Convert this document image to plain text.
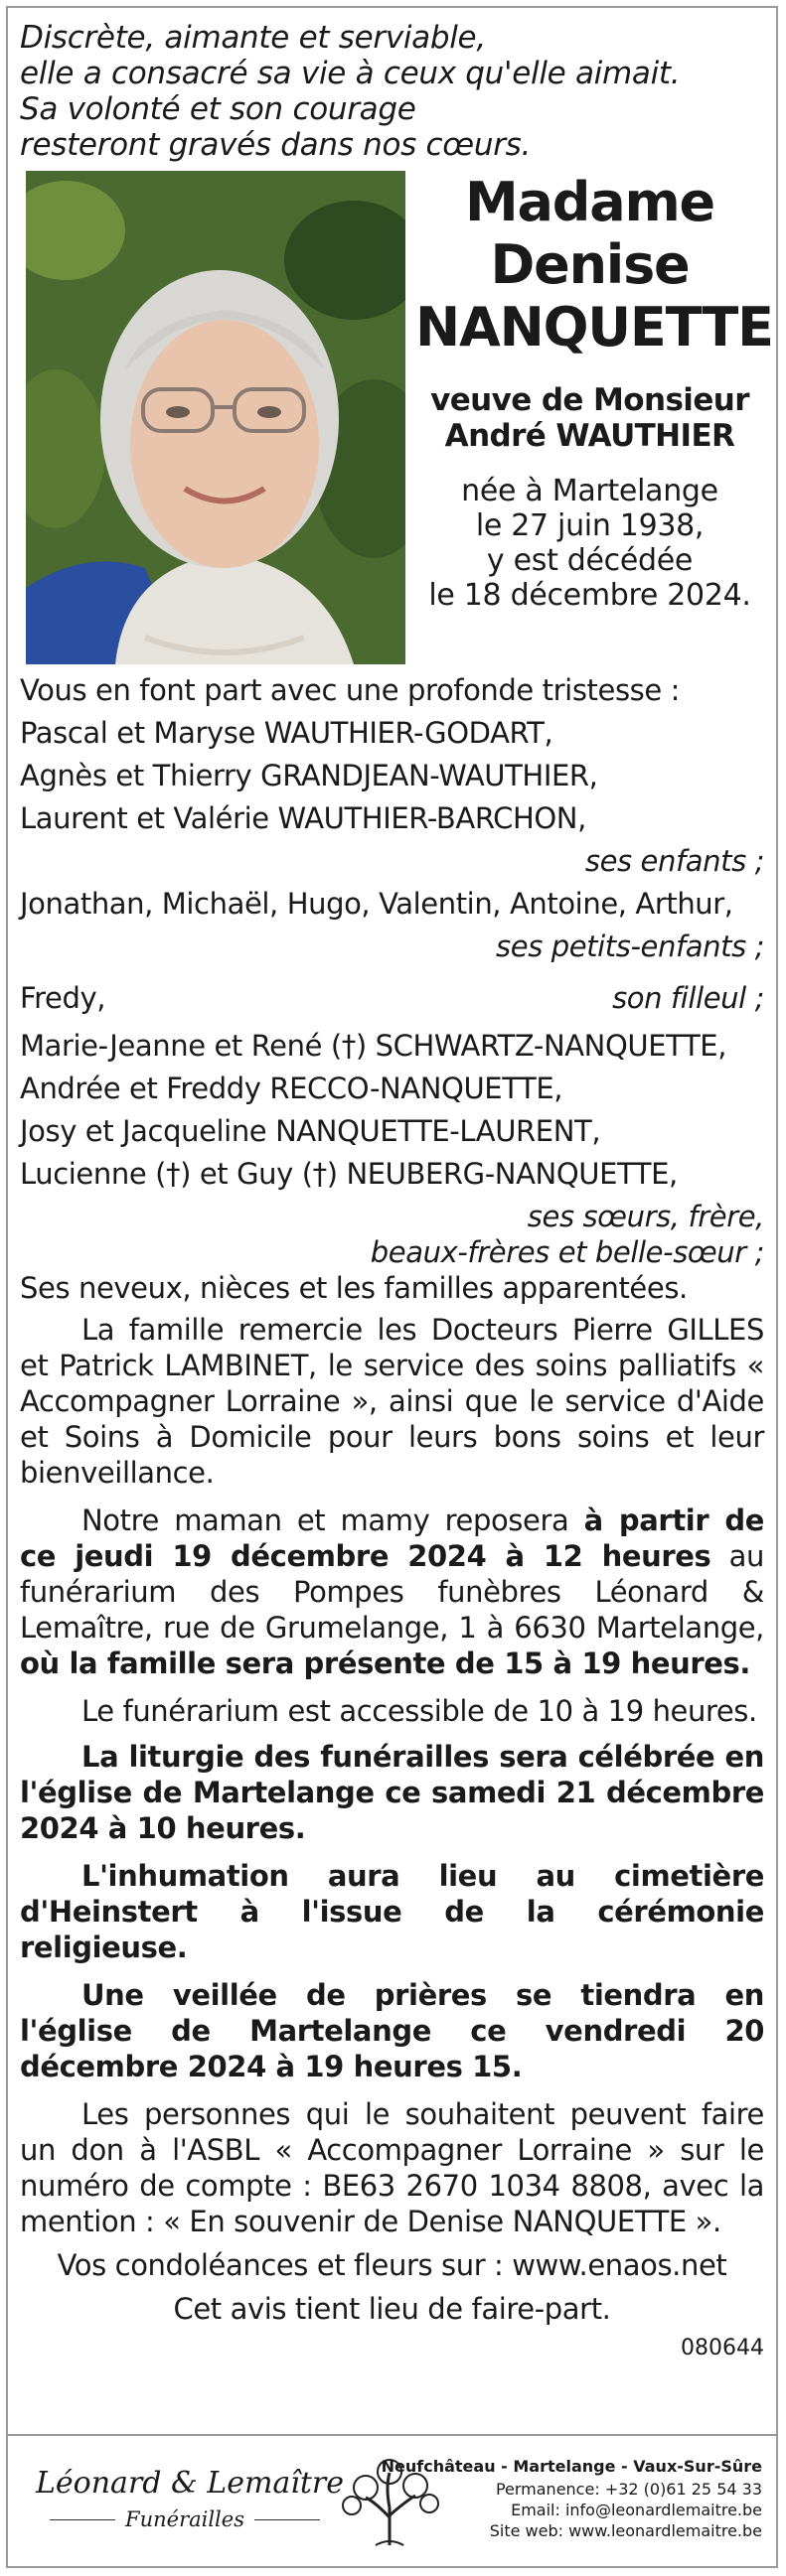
Discrète, aimante et serviable,
elle a consacré sa vie à ceux qu'elle aimait.
Sa volonté et son courage
resteront gravés dans nos cœurs.
Madame
Denise
NANQUETTE
veuve de Monsieur
André WAUTHIER
née à Martelange
le 27 juin 1938,
y est décédée
le 18 décembre 2024.
Vous en font part avec une profonde tristesse :
Pascal et Maryse WAUTHIER-GODART,
Agnès et Thierry GRANDJEAN-WAUTHIER,
Laurent et Valérie WAUTHIER-BARCHON,
ses enfants ;
Jonathan, Michaël, Hugo, Valentin, Antoine, Arthur,
ses petits-enfants ;
Fredy,	son filleul ;
Marie-Jeanne et René (†) SCHWARTZ-NANQUETTE,
Andrée et Freddy RECCO-NANQUETTE,
Josy et Jacqueline NANQUETTE-LAURENT,
Lucienne (†) et Guy (†) NEUBERG-NANQUETTE,
ses sœurs, frère,
beaux-frères et belle-sœur ;
Ses neveux, nièces et les familles apparentées.
La famille remercie les Docteurs Pierre GILLES et Patrick LAMBINET, le service des soins palliatifs « Accompagner Lorraine », ainsi que le service d'Aide et Soins à Domicile pour leurs bons soins et leur bienveillance.
Notre maman et mamy reposera à partir de ce jeudi 19 décembre 2024 à 12 heures au funérarium des Pompes funèbres Léonard & Lemaître, rue de Grumelange, 1 à 6630 Martelange, où la famille sera présente de 15 à 19 heures.
Le funérarium est accessible de 10 à 19 heures.
La liturgie des funérailles sera célébrée en l'église de Martelange ce samedi 21 décembre 2024 à 10 heures.
L'inhumation aura lieu au cimetière d'Heinstert à l'issue de la cérémonie religieuse.
Une veillée de prières se tiendra en l'église de Martelange ce vendredi 20 décembre 2024 à 19 heures 15.
Les personnes qui le souhaitent peuvent faire un don à l'ASBL « Accompagner Lorraine » sur le numéro de compte : BE63 2670 1034 8808, avec la mention : « En souvenir de Denise NANQUETTE ».
Vos condoléances et fleurs sur : www.enaos.net
Cet avis tient lieu de faire-part.
080644
Léonard & Lemaître
Funérailles
Neufchâteau - Martelange - Vaux-Sur-Sûre
Permanence: +32 (0)61 25 54 33
Email: info@leonardlemaitre.be
Site web: www.leonardlemaitre.be
